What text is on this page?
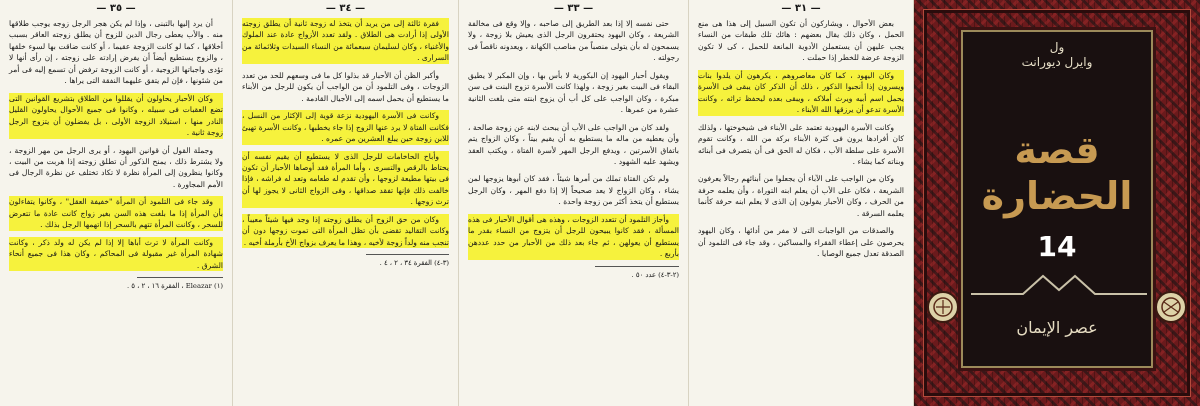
— ٣٥ —

أن يرد إليها بالتبنى ، وإذا لم يكن هجر الرجل زوجه يوجب طلاقها منه . والأب يعطى رجال الدين للزوج أن يطلق زوجته العاقر بسبب أخلاقها ، كما لو كانت الزوجة عقيما ، أو كانت ضاقت بها لسوء خلقها ، والزوج يستطيع أيضاً أن يفرض إرادته على زوجته ، إن رأى أنها لا تؤدى واجباتها الزوجية ، أو كانت الزوجة ترفض أن تسمع إليه فى أمر من شئونها ، فإن لم يتفق عليهما النفقة التى يراها .

وكان الأحبار يحاولون أن يقللوا من الطلاق بتشريع القوانين التى تضع العقبات فى سبيله ، وكانوا فى جميع الأحوال يحاولون القليل النادر منها ، استيلاد الزوجة الأولى ، بل يفضلون أن يتزوج الرجل زوجة ثانية .

وجملة القول أن قوانين اليهود ، أو يرى الرجل من مهر الزوجة ، ولا يشترط ذلك ، يمنح الذكور أن تطلق زوجته إذا هربت من البيت ، وكانوا ينظرون إلى المرأة نظرة لا تكاد تختلف عن نظرة الرجال فى الأمم المجاورة .

وقد جاء فى التلمود أن المرأة "خفيفة العقل" ، وكانوا يتفاءلون بأن المرأة إذا ما بلغت هذه السن بغير زواج كانت عادة ما تتعرض للسحر ، وكانت المرأة تتهم بالسحر إذا اتهمها الرجل بذلك .

وكانت المرأة لا ترث أباها إلا إذا لم يكن له ولد ذكر ، وكانت شهادة المرأة غير مقبولة فى المحاكم ، وكان هذا فى جميع أنحاء الشرق .

(١) Eleazar ، الفقرة ١٦ ، ٢ ، ٥ .
— ٣٤ —

فقرة ثالثة إلى من يريد أن يتخذ له زوجة ثانية أن يطلق زوجته الأولى إذا أرادت هى الطلاق . ولقد تعدد الأزواج عادة عند الملوك والأغنياء ، وكان لسليمان سبعمائة من النساء السيدات وثلاثمائة من السرارى .

وأكبر الظن أن الأحبار قد بذلوا كل ما فى وسعهم للحد من تعدد الزوجات ، وفى التلمود أن من الواجب أن يكون للرجل من الأبناء ما يستطيع أن يحمل اسمه إلى الأجيال القادمة .

وكانت فى الأسرة اليهودية نزعة قوية إلى الإكثار من النسل ، فكانت الفتاة لا يرد عنها الزوج إذا جاء يخطبها ، وكانت الأسرة تهيئ للابن زوجة حين يبلغ العشرين من عمره .

وأباح الحاخامات للرجل الذى لا يستطيع أن يقيم نفسه أن يحتاط بالرقص والتسرى ، وأما المرأة فقد أوصاها الأحبار أن تكون فى بيتها مطيعة لزوجها ، وأن تقدم له طعامه وتعد له فراشه ، فإذا خالفت ذلك فإنها تفقد صداقها ، وفى الزواج الثانى لا يجوز لها أن ترث زوجها .

وكان من حق الزوج أن يطلق زوجته إذا وجد فيها شيئاً معيباً ، وكانت التقاليد تقضى بأن تظل المرأة التى تموت زوجها دون أن تنجب منه ولداً زوجة لأخيه ، وهذا ما يعرف بزواج الأخ بأرملة أخيه .

(٣-٤) الفقرة ٣٤ ، ٢ ، ٤ .
— ٣٣ —

حتى نفسه إلا إذا بعد الطريق إلى صاحبه ، وإلا وقع فى مخالفة الشريعة ، وكان اليهود يحتقرون الرجل الذى يعيش بلا زوجة ، ولا يسمحون له بأن يتولى منصباً من مناصب الكهانة ، ويعدونه ناقصاً فى رجولته .

ويقول أحبار اليهود إن البكورية لا بأس بها ، وإن المكبر لا يطيق البقاء فى البيت بغير زوجة ، ولهذا كانت الأسرة تزوج البنت فى سن مبكرة ، وكان الواجب على كل أب أن يزوج ابنته متى بلغت الثانية عشرة من عمرها .

ولقد كان من الواجب على الأب أن يبحث لابنه عن زوجة صالحة ، وأن يعطيه من ماله ما يستطيع به أن يقيم بيتاً ، وكان الزواج يتم باتفاق الأسرتين ، ويدفع الرجل المهر لأسرة الفتاة ، ويكتب العقد ويشهد عليه الشهود .

ولم تكن الفتاة تملك من أمرها شيئاً ، فقد كان أبوها يزوجها لمن يشاء ، وكان الزواج لا يعد صحيحاً إلا إذا دفع المهر ، وكان الرجل يستطيع أن يتخذ أكثر من زوجة واحدة .

وأجاز التلمود أن تتعدد الزوجات ، وهذه هى أقوال الأحبار فى هذه المسألة ، فقد كانوا يبيحون للرجل أن يتزوج من النساء بقدر ما يستطيع أن يعولهن ، ثم جاء بعد ذلك من الأحبار من حدد عددهن بأربع .

(٢-٣-٤) عدد ٥٠ .
— ٣١ —

بعض الأحوال ، ويشاركون أن تكون السبيل إلى هذا هى منع الحمل ، وكان ذلك يقال بعضهم : هائك تلك طبقات من النساء يجب عليهن أن يستعملن الأدوية المانعة للحمل ، كى لا تكون الزوجة عرضة للخطر إذا حملت .

وكان اليهود ، كما كان معاصروهم ، يكرهون أن يلدوا بنات ويسرون إذا أنجبوا الذكور ، ذلك أن الذكر كان يبقى فى الأسرة يحمل اسم أبيه ويرث أملاكه ، ويبقى بعده ليحفظ تراثه ، وكانت الأسرة تدعو أن يرزقها الله الأبناء .

وكانت الأسرة اليهودية تعتمد على الأبناء فى شيخوختها ، ولذلك كان أفرادها يرون فى كثرة الأبناء بركة من الله ، وكانت تقوم الأسرة على سلطة الأب ، فكان له الحق فى أن يتصرف فى أبنائه وبناته كما يشاء .

وكان من الواجب على الآباء أن يجعلوا من أبنائهم رجالاً يعرفون الشريعة ، فكان على الأب أن يعلم ابنه التوراة ، وأن يعلمه حرفة من الحرف ، وكان الأحبار يقولون إن الذى لا يعلم ابنه حرفة كأنما يعلمه السرقة .

والصدقات من الواجبات التى لا مفر من أدائها ، وكان اليهود يحرصون على إعطاء الفقراء والمساكين ، وقد جاء فى التلمود أن الصدقة تعدل جميع الوصايا .

ول
وايرل ديورانت
قصة
الحضارة
14
عصر الإيمان
